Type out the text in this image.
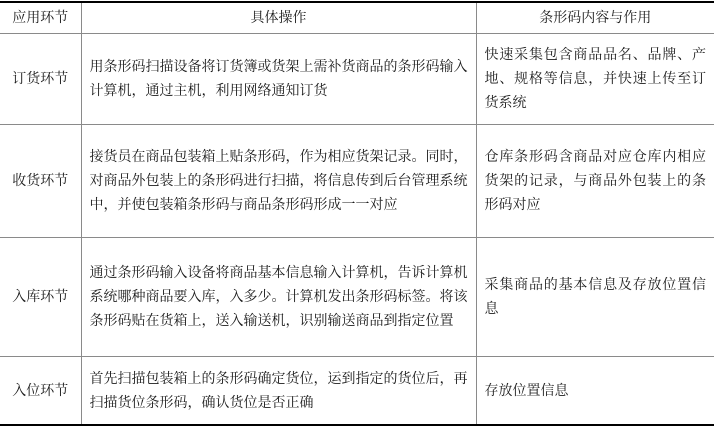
应用环节	具体操作	条形码内容与作用
订货环节	用条形码扫描设备将订货簿或货架上需补货商品的条形码输入计算机，通过主机，利用网络通知订货	快速采集包含商品品名、品牌、产地、规格等信息，并快速上传至订货系统
收货环节	接货员在商品包装箱上贴条形码，作为相应货架记录。同时，对商品外包装上的条形码进行扫描，将信息传到后台管理系统中，并使包装箱条形码与商品条形码形成一一对应	仓库条形码含商品对应仓库内相应货架的记录，与商品外包装上的条形码对应
入库环节	通过条形码输入设备将商品基本信息输入计算机，告诉计算机系统哪种商品要入库，入多少。计算机发出条形码标签。将该条形码贴在货箱上，送入输送机，识别输送商品到指定位置	采集商品的基本信息及存放位置信息
入位环节	首先扫描包装箱上的条形码确定货位，运到指定的货位后，再扫描货位条形码，确认货位是否正确	存放位置信息
